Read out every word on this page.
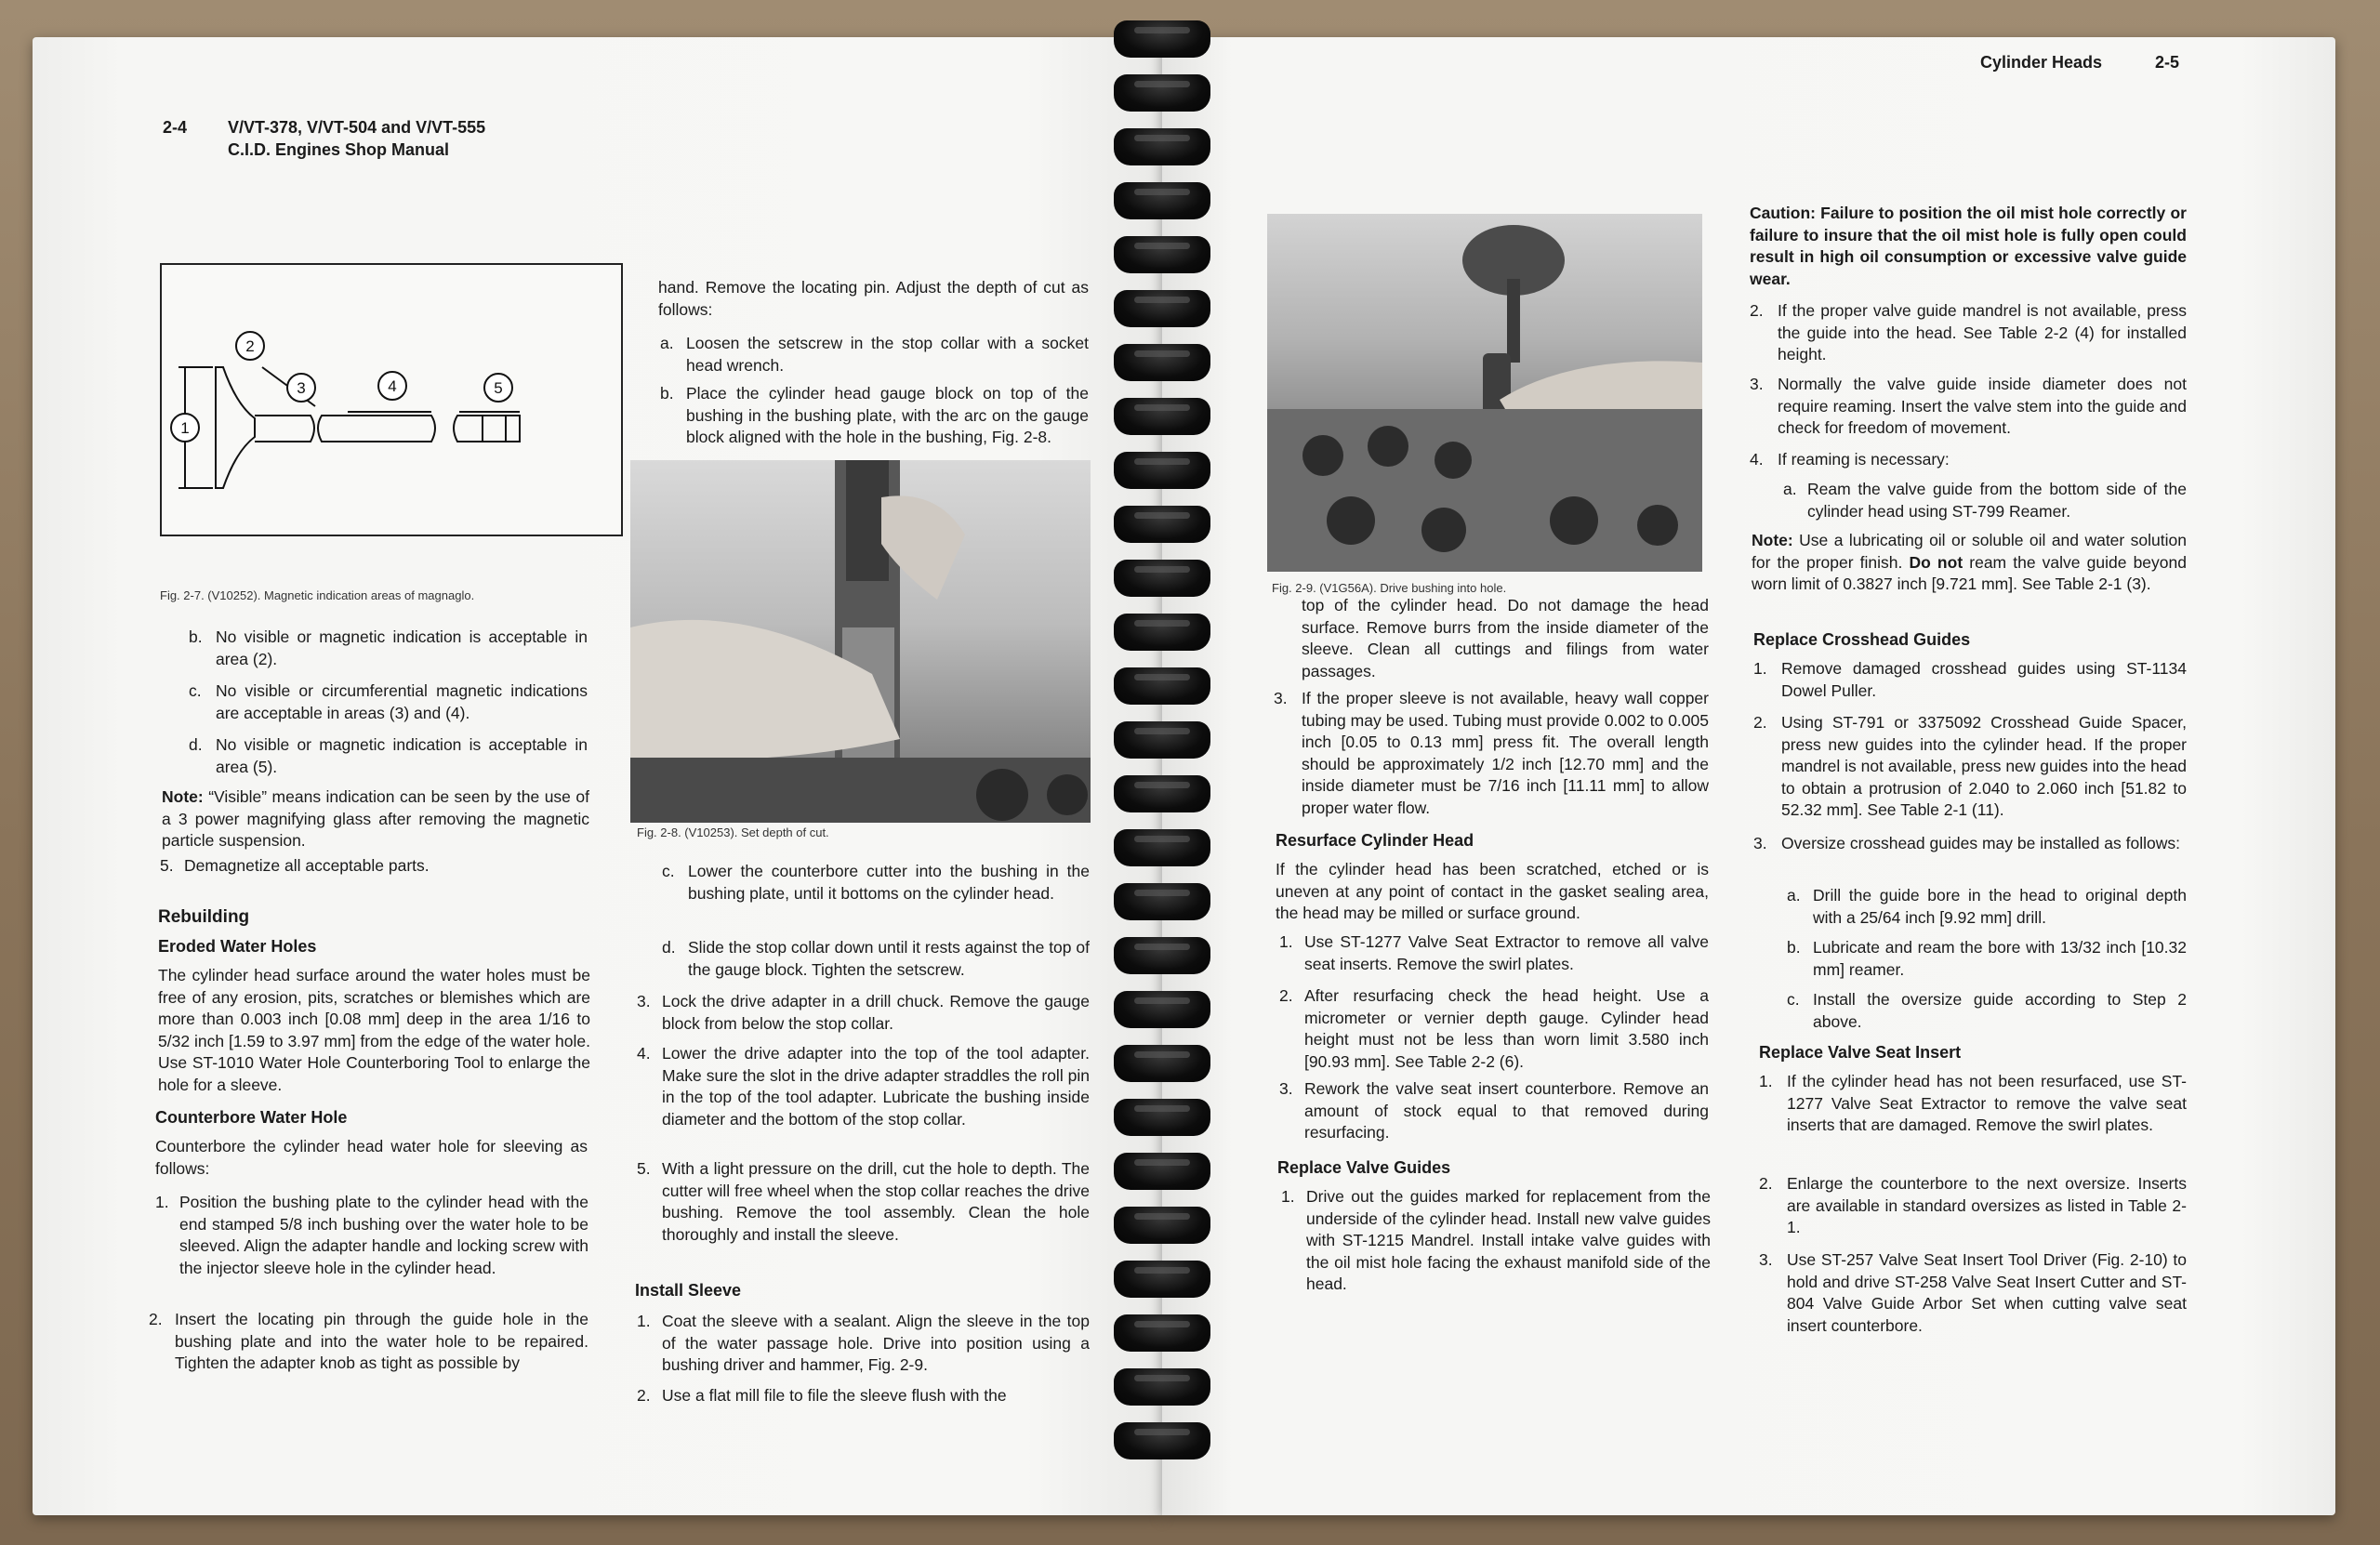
2-4 V/VT-378, V/VT-504 and V/VT-555
C.I.D. Engines Shop Manual
1
2
3	4	5
Fig. 2-7. (V10252). Magnetic indication areas of magnaglo.
b. No visible or magnetic indication is acceptable in area (2).
c. No visible or circumferential magnetic indications are acceptable in areas (3) and (4).
d. No visible or magnetic indication is acceptable in area (5).
Note: “Visible” means indication can be seen by the use of a 3 power magnifying glass after removing the magnetic particle suspension.
5. Demagnetize all acceptable parts.
Rebuilding
Eroded Water Holes
The cylinder head surface around the water holes must be free of any erosion, pits, scratches or blemishes which are more than 0.003 inch [0.08 mm] deep in the area 1/16 to 5/32 inch [1.59 to 3.97 mm] from the edge of the water hole. Use ST-1010 Water Hole Counterboring Tool to enlarge the hole for a sleeve.
Counterbore Water Hole
Counterbore the cylinder head water hole for sleeving as follows:
1. Position the bushing plate to the cylinder head with the end stamped 5/8 inch bushing over the water hole to be sleeved. Align the adapter handle and locking screw with the injector sleeve hole in the cylinder head.
2. Insert the locating pin through the guide hole in the bushing plate and into the water hole to be repaired. Tighten the adapter knob as tight as possible by
hand. Remove the locating pin. Adjust the depth of cut as follows:
a. Loosen the setscrew in the stop collar with a socket head wrench.
b. Place the cylinder head gauge block on top of the bushing in the bushing plate, with the arc on the gauge block aligned with the hole in the bushing, Fig. 2-8.
Fig. 2-8. (V10253). Set depth of cut.
c. Lower the counterbore cutter into the bushing in the bushing plate, until it bottoms on the cylinder head.
d. Slide the stop collar down until it rests against the top of the gauge block. Tighten the setscrew.
3. Lock the drive adapter in a drill chuck. Remove the gauge block from below the stop collar.
4. Lower the drive adapter into the top of the tool adapter. Make sure the slot in the drive adapter straddles the roll pin in the top of the tool adapter. Lubricate the bushing inside diameter and the bottom of the stop collar.
5. With a light pressure on the drill, cut the hole to depth. The cutter will free wheel when the stop collar reaches the drive bushing. Remove the tool assembly. Clean the hole thoroughly and install the sleeve.
Install Sleeve
1. Coat the sleeve with a sealant. Align the sleeve in the top of the water passage hole. Drive into position using a bushing driver and hammer, Fig. 2-9.
2. Use a flat mill file to file the sleeve flush with the
Cylinder Heads	2-5
Fig. 2-9. (V1G56A). Drive bushing into hole.
top of the cylinder head. Do not damage the head surface. Remove burrs from the inside diameter of the sleeve. Clean all cuttings and filings from water passages.
3. If the proper sleeve is not available, heavy wall copper tubing may be used. Tubing must provide 0.002 to 0.005 inch [0.05 to 0.13 mm] press fit. The overall length should be approximately 1/2 inch [12.70 mm] and the inside diameter must be 7/16 inch [11.11 mm] to allow proper water flow.
Resurface Cylinder Head
If the cylinder head has been scratched, etched or is uneven at any point of contact in the gasket sealing area, the head may be milled or surface ground.
1. Use ST-1277 Valve Seat Extractor to remove all valve seat inserts. Remove the swirl plates.
2. After resurfacing check the head height. Use a micrometer or vernier depth gauge. Cylinder head height must not be less than worn limit 3.580 inch [90.93 mm]. See Table 2-2 (6).
3. Rework the valve seat insert counterbore. Remove an amount of stock equal to that removed during resurfacing.
Replace Valve Guides
1. Drive out the guides marked for replacement from the underside of the cylinder head. Install new valve guides with ST-1215 Mandrel. Install intake valve guides with the oil mist hole facing the exhaust manifold side of the head.
Caution: Failure to position the oil mist hole correctly or failure to insure that the oil mist hole is fully open could result in high oil consumption or excessive valve guide wear.
2. If the proper valve guide mandrel is not available, press the guide into the head. See Table 2-2 (4) for installed height.
3. Normally the valve guide inside diameter does not require reaming. Insert the valve stem into the guide and check for freedom of movement.
4. If reaming is necessary:
a. Ream the valve guide from the bottom side of the cylinder head using ST-799 Reamer.
Note: Use a lubricating oil or soluble oil and water solution for the proper finish. Do not ream the valve guide beyond worn limit of 0.3827 inch [9.721 mm]. See Table 2-1 (3).
Replace Crosshead Guides
1. Remove damaged crosshead guides using ST-1134 Dowel Puller.
2. Using ST-791 or 3375092 Crosshead Guide Spacer, press new guides into the cylinder head. If the proper mandrel is not available, press new guides into the head to obtain a protrusion of 2.040 to 2.060 inch [51.82 to 52.32 mm]. See Table 2-1 (11).
3. Oversize crosshead guides may be installed as follows:
a. Drill the guide bore in the head to original depth with a 25/64 inch [9.92 mm] drill.
b. Lubricate and ream the bore with 13/32 inch [10.32 mm] reamer.
c. Install the oversize guide according to Step 2 above.
Replace Valve Seat Insert
1. If the cylinder head has not been resurfaced, use ST-1277 Valve Seat Extractor to remove the valve seat inserts that are damaged. Remove the swirl plates.
2. Enlarge the counterbore to the next oversize. Inserts are available in standard oversizes as listed in Table 2-1.
3. Use ST-257 Valve Seat Insert Tool Driver (Fig. 2-10) to hold and drive ST-258 Valve Seat Insert Cutter and ST-804 Valve Guide Arbor Set when cutting valve seat insert counterbore.
